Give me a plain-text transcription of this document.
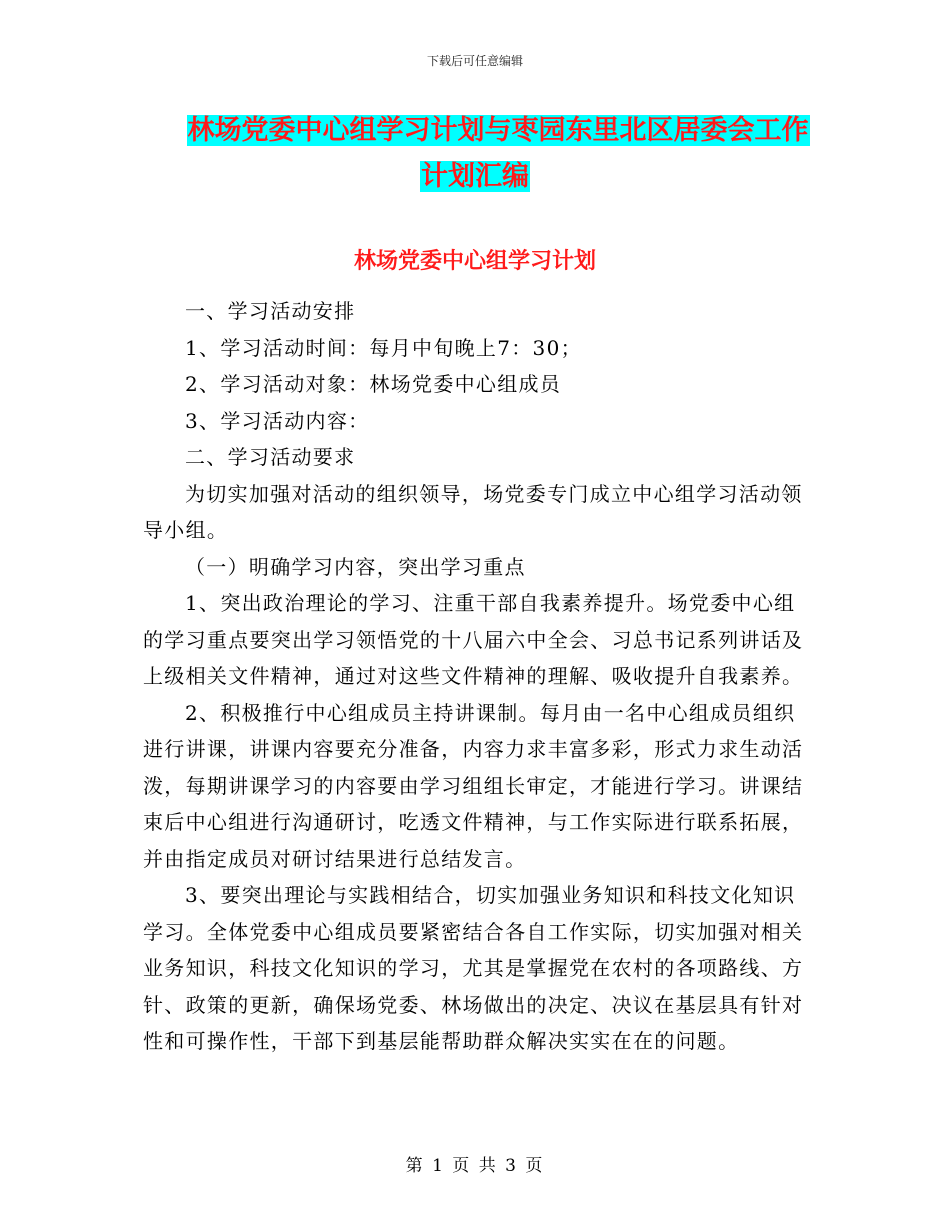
下载后可任意编辑
林场党委中心组学习计划与枣园东里北区居委会工作
计划汇编
林场党委中心组学习计划

一、学习活动安排

1、学习活动时间：每月中旬晚上7：30；

2、学习活动对象：林场党委中心组成员

3、学习活动内容：

二、学习活动要求

为切实加强对活动的组织领导，场党委专门成立中心组学习活动领导小组。

（一）明确学习内容，突出学习重点

1、突出政治理论的学习、注重干部自我素养提升。场党委中心组的学习重点要突出学习领悟党的十八届六中全会、习总书记系列讲话及上级相关文件精神，通过对这些文件精神的理解、吸收提升自我素养。

2、积极推行中心组成员主持讲课制。每月由一名中心组成员组织进行讲课，讲课内容要充分准备，内容力求丰富多彩，形式力求生动活泼，每期讲课学习的内容要由学习组组长审定，才能进行学习。讲课结束后中心组进行沟通研讨，吃透文件精神，与工作实际进行联系拓展，并由指定成员对研讨结果进行总结发言。

3、要突出理论与实践相结合，切实加强业务知识和科技文化知识学习。全体党委中心组成员要紧密结合各自工作实际，切实加强对相关业务知识，科技文化知识的学习，尤其是掌握党在农村的各项路线、方针、政策的更新，确保场党委、林场做出的决定、决议在基层具有针对性和可操作性，干部下到基层能帮助群众解决实实在在的问题。

第 1 页 共 3 页
